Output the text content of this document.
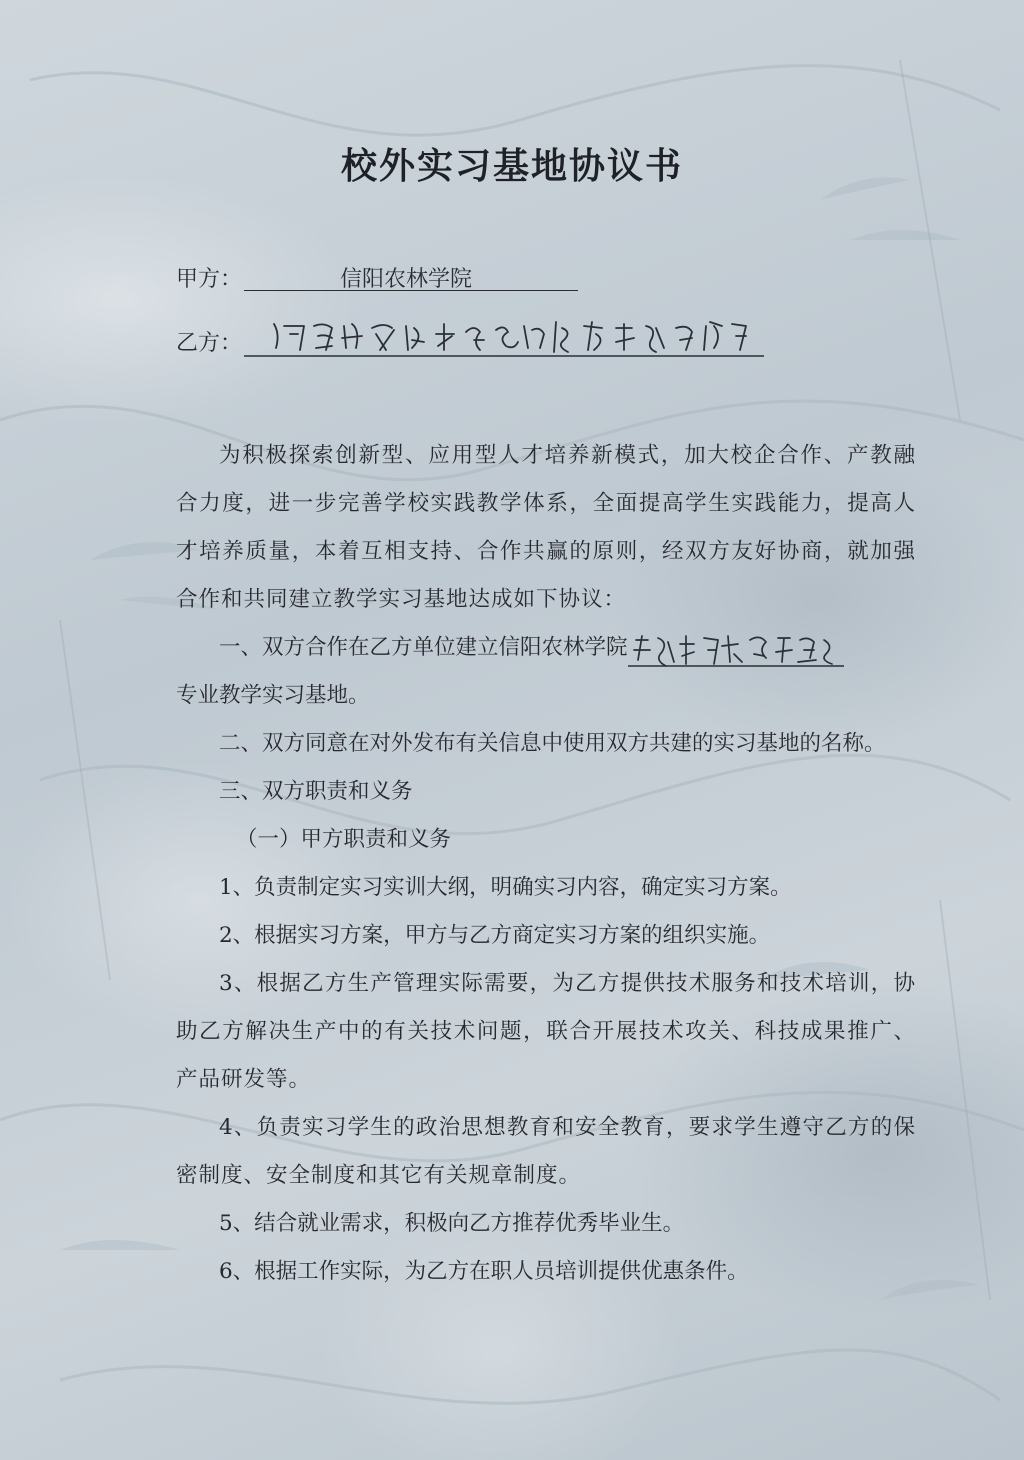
校外实习基地协议书
甲方：	信阳农林学院
乙方：

为积极探索创新型、应用型人才培养新模式，加大校企合作、产教融合力度，进一步完善学校实践教学体系，全面提高学生实践能力，提高人才培养质量，本着互相支持、合作共赢的原则，经双方友好协商，就加强合作和共同建立教学实习基地达成如下协议：

一、双方合作在乙方单位建立信阳农林学院

专业教学实习基地。

二、双方同意在对外发布有关信息中使用双方共建的实习基地的名称。

三、双方职责和义务

（一）甲方职责和义务

1、负责制定实习实训大纲，明确实习内容，确定实习方案。

2、根据实习方案，甲方与乙方商定实习方案的组织实施。

3、根据乙方生产管理实际需要，为乙方提供技术服务和技术培训，协助乙方解决生产中的有关技术问题，联合开展技术攻关、科技成果推广、产品研发等。

4、负责实习学生的政治思想教育和安全教育，要求学生遵守乙方的保密制度、安全制度和其它有关规章制度。

5、结合就业需求，积极向乙方推荐优秀毕业生。

6、根据工作实际，为乙方在职人员培训提供优惠条件。
